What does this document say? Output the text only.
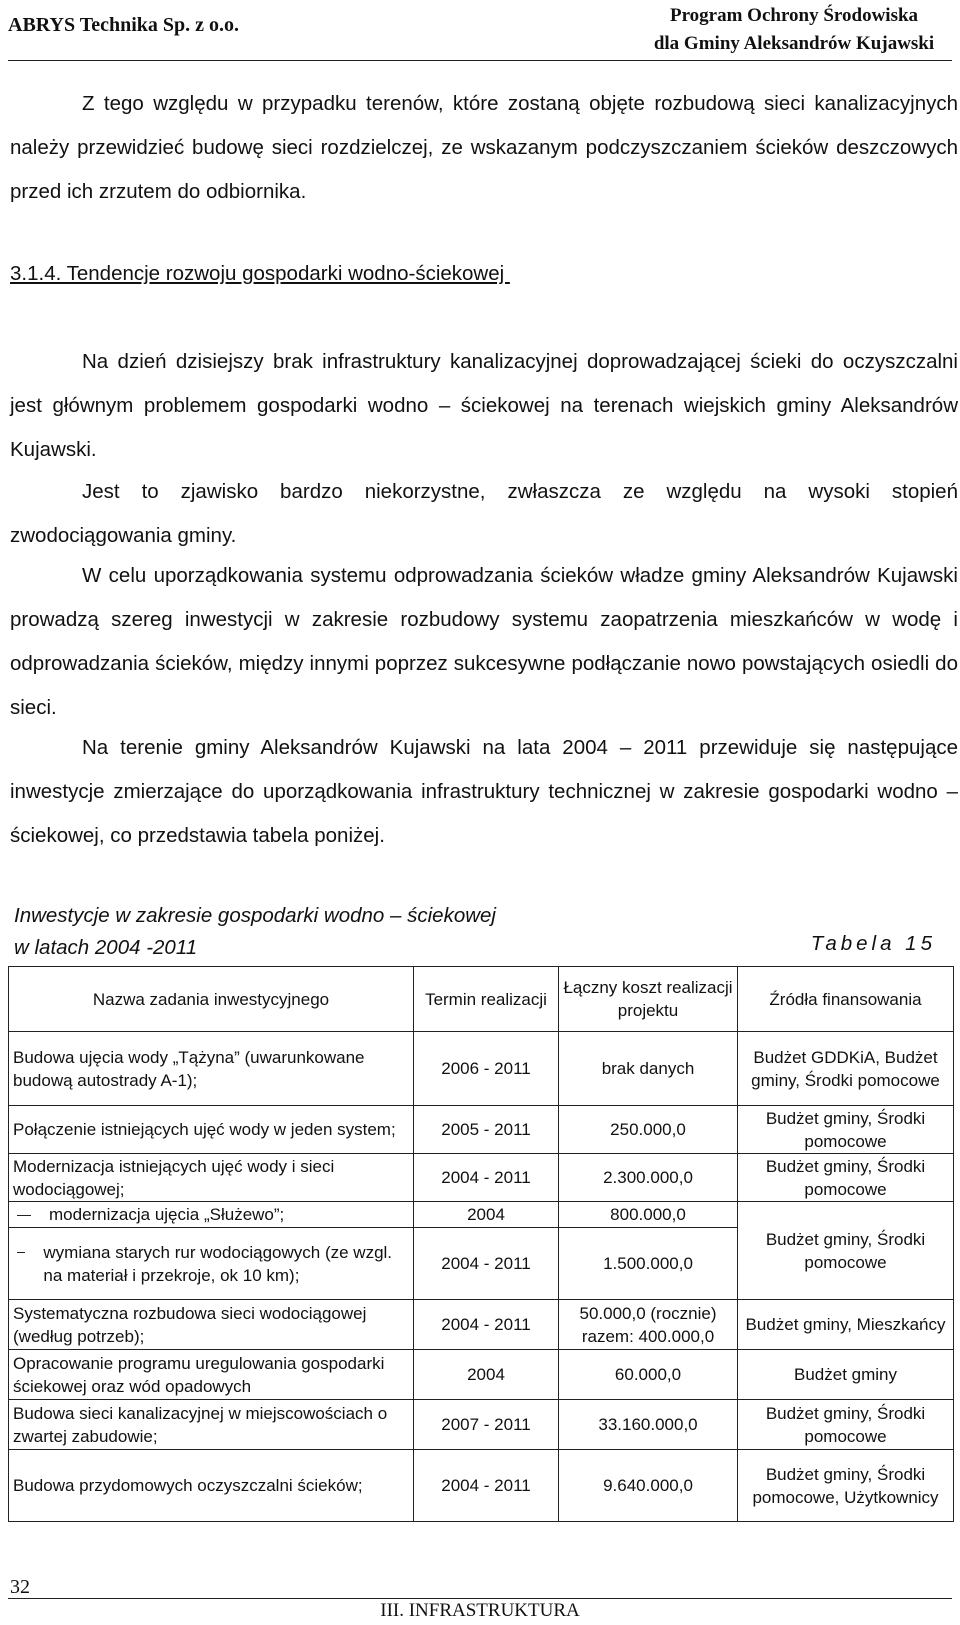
ABRYS Technika Sp. z o.o.	Program Ochrony Środowiska
dla Gminy Aleksandrów Kujawski
Z tego względu w przypadku terenów, które zostaną objęte rozbudową sieci kanalizacyjnych należy przewidzieć budowę sieci rozdzielczej, ze wskazanym podczyszczaniem ścieków deszczowych przed ich zrzutem do odbiornika.
3.1.4. Tendencje rozwoju gospodarki wodno-ściekowej
Na dzień dzisiejszy brak infrastruktury kanalizacyjnej doprowadzającej ścieki do oczyszczalni jest głównym problemem gospodarki wodno – ściekowej na terenach wiejskich gminy Aleksandrów Kujawski.
Jest to zjawisko bardzo niekorzystne, zwłaszcza ze względu na wysoki stopień zwodociągowania gminy.
W celu uporządkowania systemu odprowadzania ścieków władze gminy Aleksandrów Kujawski prowadzą szereg inwestycji w zakresie rozbudowy systemu zaopatrzenia mieszkańców w wodę i odprowadzania ścieków, między innymi poprzez sukcesywne podłączanie nowo powstających osiedli do sieci.
Na terenie gminy Aleksandrów Kujawski na lata 2004 – 2011 przewiduje się następujące inwestycje zmierzające do uporządkowania infrastruktury technicznej w zakresie gospodarki wodno – ściekowej, co przedstawia tabela poniżej.
Inwestycje w zakresie gospodarki wodno – ściekowej
w latach 2004 -2011	Tabela 15
Nazwa zadania inwestycyjnego	Termin realizacji	Łączny koszt realizacji projektu	Źródła finansowania
Budowa ujęcia wody „Tążyna” (uwarunkowane budową autostrady A-1);	2006 - 2011	brak danych	Budżet GDDKiA, Budżet gminy, Środki pomocowe
Połączenie istniejących ujęć wody w jeden system;	2005 - 2011	250.000,0	Budżet gminy, Środki pomocowe
Modernizacja istniejących ujęć wody i sieci wodociągowej;	2004 - 2011	2.300.000,0	Budżet gminy, Środki pomocowe
modernizacja ujęcia „Służewo”;	2004	800.000,0	Budżet gminy, Środki pomocowe

wymiana starych rur wodociągowych (ze wzgl. na materiał i przekroje, ok 10 km);	2004 - 2011	1.500.000,0	
Systematyczna rozbudowa sieci wodociągowej (według potrzeb);	2004 - 2011	50.000,0 (rocznie) razem: 400.000,0	Budżet gminy, Mieszkańcy
Opracowanie programu uregulowania gospodarki ściekowej oraz wód opadowych	2004	60.000,0	Budżet gminy
Budowa sieci kanalizacyjnej w miejscowościach o zwartej zabudowie;	2007 - 2011	33.160.000,0	Budżet gminy, Środki pomocowe
Budowa przydomowych oczyszczalni ścieków;	2004 - 2011	9.640.000,0	Budżet gminy, Środki pomocowe, Użytkownicy
32
III. INFRASTRUKTURA
